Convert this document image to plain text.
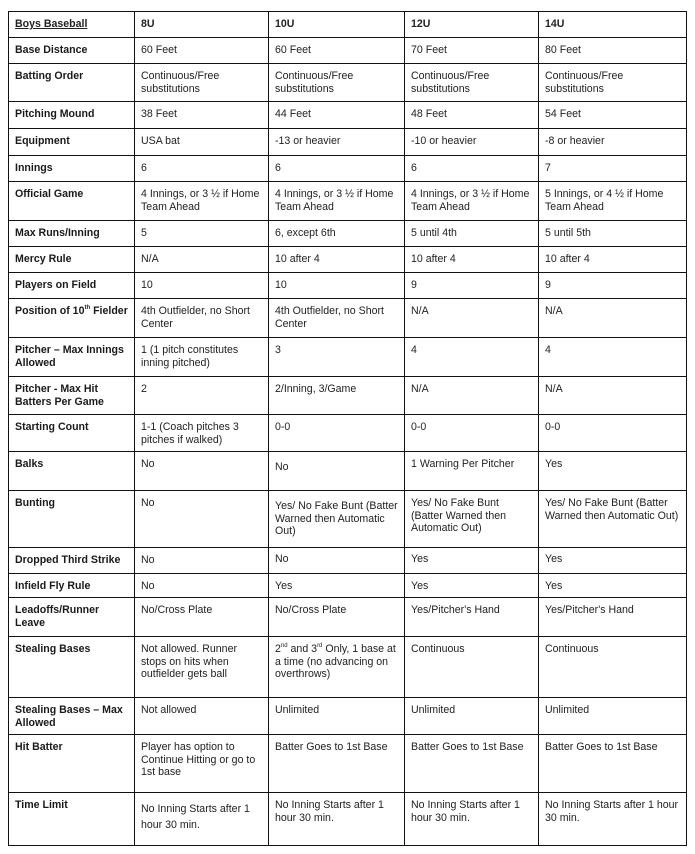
Boys Baseball	8U	10U	12U	14U
Base Distance	60 Feet	60 Feet	70 Feet	80 Feet
Batting Order	Continuous/Free substitutions	Continuous/Free substitutions	Continuous/Free substitutions	Continuous/Free substitutions
Pitching Mound	38 Feet	44 Feet	48 Feet	54 Feet
Equipment	USA bat	-13 or heavier	-10 or heavier	-8 or heavier
Innings	6	6	6	7
Official Game	4 Innings, or 3 ½ if Home Team Ahead	4 Innings, or 3 ½ if Home Team Ahead	4 Innings, or 3 ½ if Home Team Ahead	5 Innings, or 4 ½ if Home Team Ahead
Max Runs/Inning	5	6, except 6th	5 until 4th	5 until 5th
Mercy Rule	N/A	10 after 4	10 after 4	10 after 4
Players on Field	10	10	9	9
Position of 10th Fielder	4th Outfielder, no Short Center	4th Outfielder, no Short Center	N/A	N/A
Pitcher – Max Innings Allowed	1 (1 pitch constitutes inning pitched)	3	4	4
Pitcher - Max Hit Batters Per Game	2	2/Inning, 3/Game	N/A	N/A
Starting Count	1-1 (Coach pitches 3 pitches if walked)	0-0	0-0	0-0
Balks	No	No	1 Warning Per Pitcher	Yes
Bunting	No	Yes/ No Fake Bunt (Batter Warned then Automatic Out)	Yes/ No Fake Bunt (Batter Warned then Automatic Out)	Yes/ No Fake Bunt (Batter Warned then Automatic Out)
Dropped Third Strike	No	No	Yes	Yes
Infield Fly Rule	No	Yes	Yes	Yes
Leadoffs/Runner Leave	No/Cross Plate	No/Cross Plate	Yes/Pitcher's Hand	Yes/Pitcher's Hand
Stealing Bases	Not allowed. Runner stops on hits when outfielder gets ball	2nd and 3rd Only, 1 base at a time (no advancing on overthrows)	Continuous	Continuous
Stealing Bases – Max Allowed	Not allowed	Unlimited	Unlimited	Unlimited
Hit Batter	Player has option to Continue Hitting or go to 1st base	Batter Goes to 1st Base	Batter Goes to 1st Base	Batter Goes to 1st Base
Time Limit	No Inning Starts after 1 hour 30 min.	No Inning Starts after 1 hour 30 min.	No Inning Starts after 1 hour 30 min.	No Inning Starts after 1 hour 30 min.
